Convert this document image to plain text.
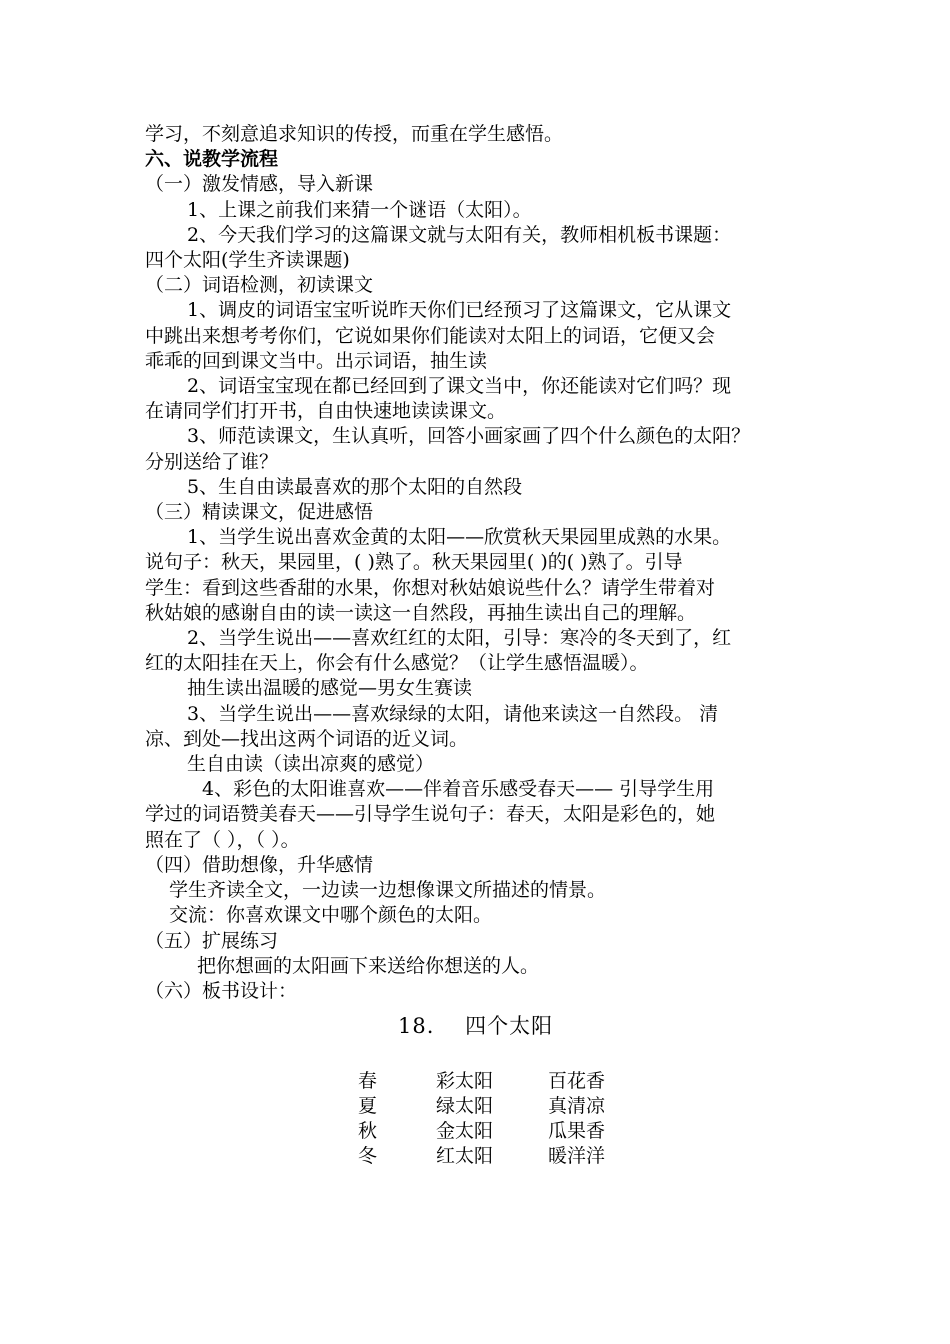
学习，不刻意追求知识的传授，而重在学生感悟。

六、说教学流程

（一）激发情感，导入新课

1、上课之前我们来猜一个谜语（太阳）。

2、今天我们学习的这篇课文就与太阳有关，教师相机板书课题：

四个太阳(学生齐读课题)

（二）词语检测，初读课文

1、调皮的词语宝宝听说昨天你们已经预习了这篇课文，它从课文

中跳出来想考考你们，它说如果你们能读对太阳上的词语，它便又会

乖乖的回到课文当中。出示词语，抽生读

2、词语宝宝现在都已经回到了课文当中，你还能读对它们吗？现

在请同学们打开书，自由快速地读读课文。

3、师范读课文，生认真听，回答小画家画了四个什么颜色的太阳？

分别送给了谁？

5、生自由读最喜欢的那个太阳的自然段

（三）精读课文，促进感悟

1、当学生说出喜欢金黄的太阳——欣赏秋天果园里成熟的水果。

说句子：秋天，果园里，( )熟了。秋天果园里( )的( )熟了。引导

学生：看到这些香甜的水果，你想对秋姑娘说些什么？请学生带着对

秋姑娘的感谢自由的读一读这一自然段，再抽生读出自己的理解。

2、当学生说出——喜欢红红的太阳，引导：寒冷的冬天到了，红

红的太阳挂在天上，你会有什么感觉？（让学生感悟温暖）。

抽生读出温暖的感觉—男女生赛读

3、当学生说出——喜欢绿绿的太阳，请他来读这一自然段。 清

凉、到处—找出这两个词语的近义词。

生自由读（读出凉爽的感觉）

4、彩色的太阳谁喜欢——伴着音乐感受春天—— 引导学生用

学过的词语赞美春天——引导学生说句子：春天，太阳是彩色的，她

照在了（ ），（ ）。

（四）借助想像，升华感情

学生齐读全文，一边读一边想像课文所描述的情景。

交流：你喜欢课文中哪个颜色的太阳。

（五）扩展练习

把你想画的太阳画下来送给你想送的人。

（六）板书设计：

18.    四个太阳
春	彩太阳	百花香
夏	绿太阳	真清凉
秋	金太阳	瓜果香
冬	红太阳	暖洋洋
